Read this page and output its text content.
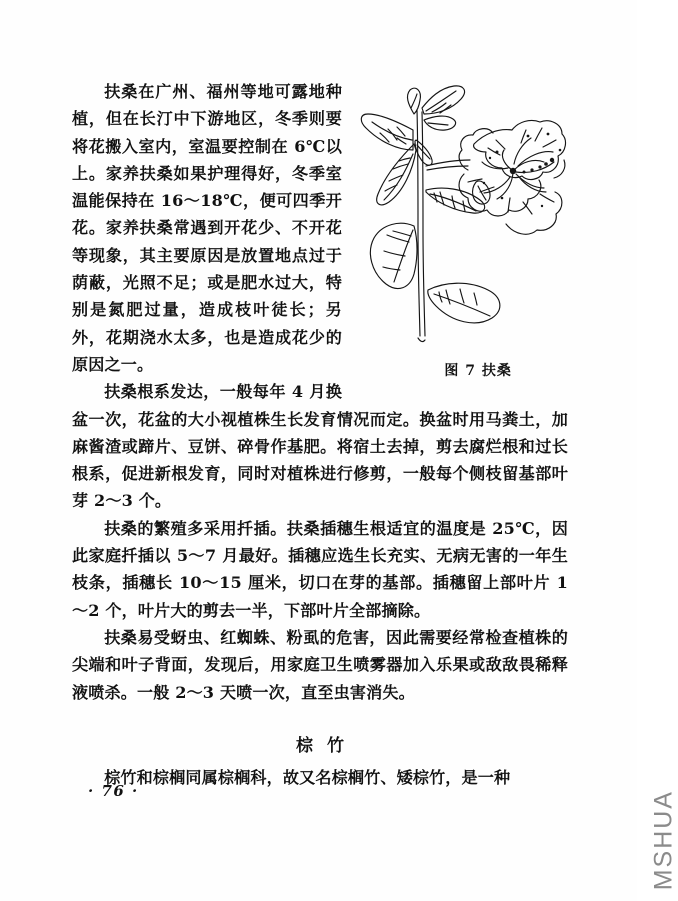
图 7 扶桑
扶桑在广州、福州等地可露地种植，但在长汀中下游地区，冬季则要将花搬入室内，室温要控制在 6℃以上。家养扶桑如果护理得好，冬季室温能保持在 16～18℃，便可四季开花。家养扶桑常遇到开花少、不开花等现象，其主要原因是放置地点过于荫蔽，光照不足；或是肥水过大，特别是氮肥过量，造成枝叶徒长；另外，花期浇水太多，也是造成花少的原因之一。

扶桑根系发达，一般每年 4 月换盆一次，花盆的大小视植株生长发育情况而定。换盆时用马粪土，加麻酱渣或蹄片、豆饼、碎骨作基肥。将宿土去掉，剪去腐烂根和过长根系，促进新根发育，同时对植株进行修剪，一般每个侧枝留基部叶芽 2～3 个。

扶桑的繁殖多采用扦插。扶桑插穗生根适宜的温度是 25℃，因此家庭扦插以 5～7 月最好。插穗应选生长充实、无病无害的一年生枝条，插穗长 10～15 厘米，切口在芽的基部。插穗留上部叶片 1～2 个，叶片大的剪去一半，下部叶片全部摘除。

扶桑易受蚜虫、红蜘蛛、粉虱的危害，因此需要经常检查植株的尖端和叶子背面，发现后，用家庭卫生喷雾器加入乐果或敌敌畏稀释液喷杀。一般 2～3 天喷一次，直至虫害消失。

棕竹

棕竹和棕榈同属棕榈科，故又名棕榈竹、矮棕竹，是一种

· 76 ·	MSHUA
